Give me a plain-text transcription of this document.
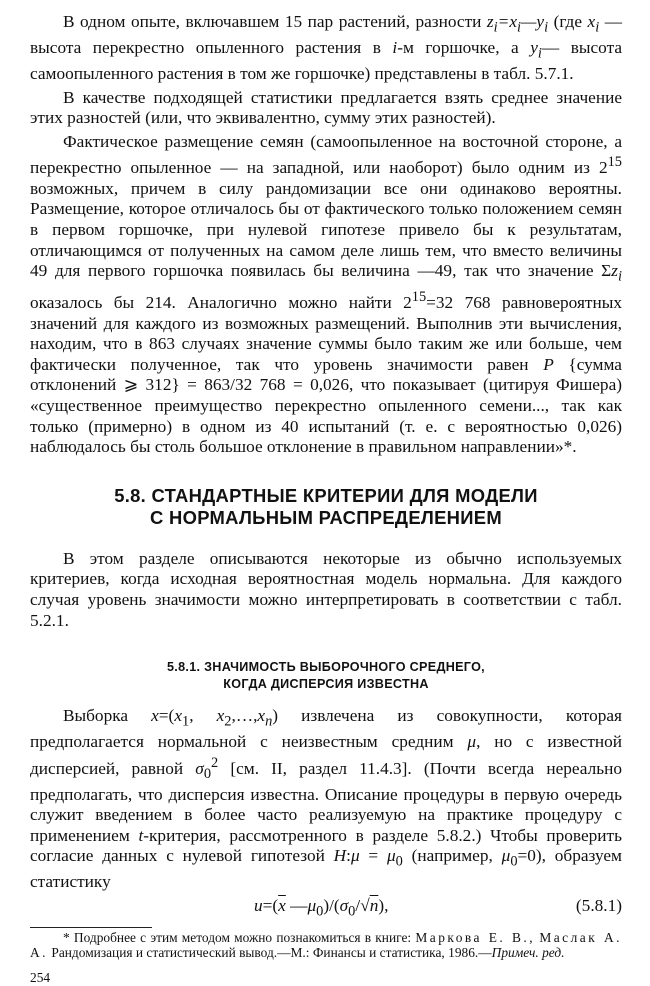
В одном опыте, включавшем 15 пар растений, разности $z_i=x_i—y_i$ (где $x_i$ — высота перекрестно опыленного растения в i-м горшочке, а $y_i—$ высота самоопыленного растения в том же горшочке) представлены в табл. 5.7.1.

В качестве подходящей статистики предлагается взять среднее значение этих разностей (или, что эквивалентно, сумму этих разностей).

Фактическое размещение семян (самоопыленное на восточной стороне, а перекрестно опыленное — на западной, или наоборот) было одним из $2^{15}$ возможных, причем в силу рандомизации все они одинаково вероятны. Размещение, которое отличалось бы от фактического только положением семян в первом горшочке, при нулевой гипотезе привело бы к результатам, отличающимся от полученных на самом деле лишь тем, что вместо величины 49 для первого горшочка появилась бы величина —49, так что значение $\Sigma z_i$ оказалось бы 214. Аналогично можно найти $2^{15}=32$ 768 равновероятных значений для каждого из возможных размещений. Выполнив эти вычисления, находим, что в 863 случаях значение суммы было таким же или больше, чем фактически полученное, так что уровень значимости равен P {сумма отклонений ⩾ 312} = 863/32 768 = 0,026, что показывает (цитируя Фишера) «существенное преимущество перекрестно опыленного семени..., так как только (примерно) в одном из 40 испытаний (т. е. с вероятностью 0,026) наблюдалось бы столь большое отклонение в правильном направлении»*.

5.8. СТАНДАРТНЫЕ КРИТЕРИИ ДЛЯ МОДЕЛИ
С НОРМАЛЬНЫМ РАСПРЕДЕЛЕНИЕМ

В этом разделе описываются некоторые из обычно используемых критериев, когда исходная вероятностная модель нормальна. Для каждого случая уровень значимости можно интерпретировать в соответствии с табл. 5.2.1.

5.8.1. ЗНАЧИМОСТЬ ВЫБОРОЧНОГО СРЕДНЕГО,
КОГДА ДИСПЕРСИЯ ИЗВЕСТНА

Выборка $x=(x_1$, $x_2,\dots,x_n$) извлечена из совокупности, которая предполагается нормальной с неизвестным средним μ, но с известной дисперсией, равной $\sigma_0^2$ [см. II, раздел 11.4.3]. (Почти всегда нереально предполагать, что дисперсия известна. Описание процедуры в первую очередь служит введением в более часто реализуемую на практике процедуру с применением t-критерия, рассмотренного в разделе 5.8.2.) Чтобы проверить согласие данных с нулевой гипотезой H:μ = $\mu_0$ (например, $\mu_0=0$), образуем статистику

$u=(\overline{x}$ $—\mu_0)/(\sigma_0/√n)$,	(5.8.1)

* Подробнее с этим методом можно познакомиться в книге: Маркова Е. В., Маслак А. А. Рандомизация и статистический вывод.—М.: Финансы и статистика, 1986.—Примеч. ред.

254
